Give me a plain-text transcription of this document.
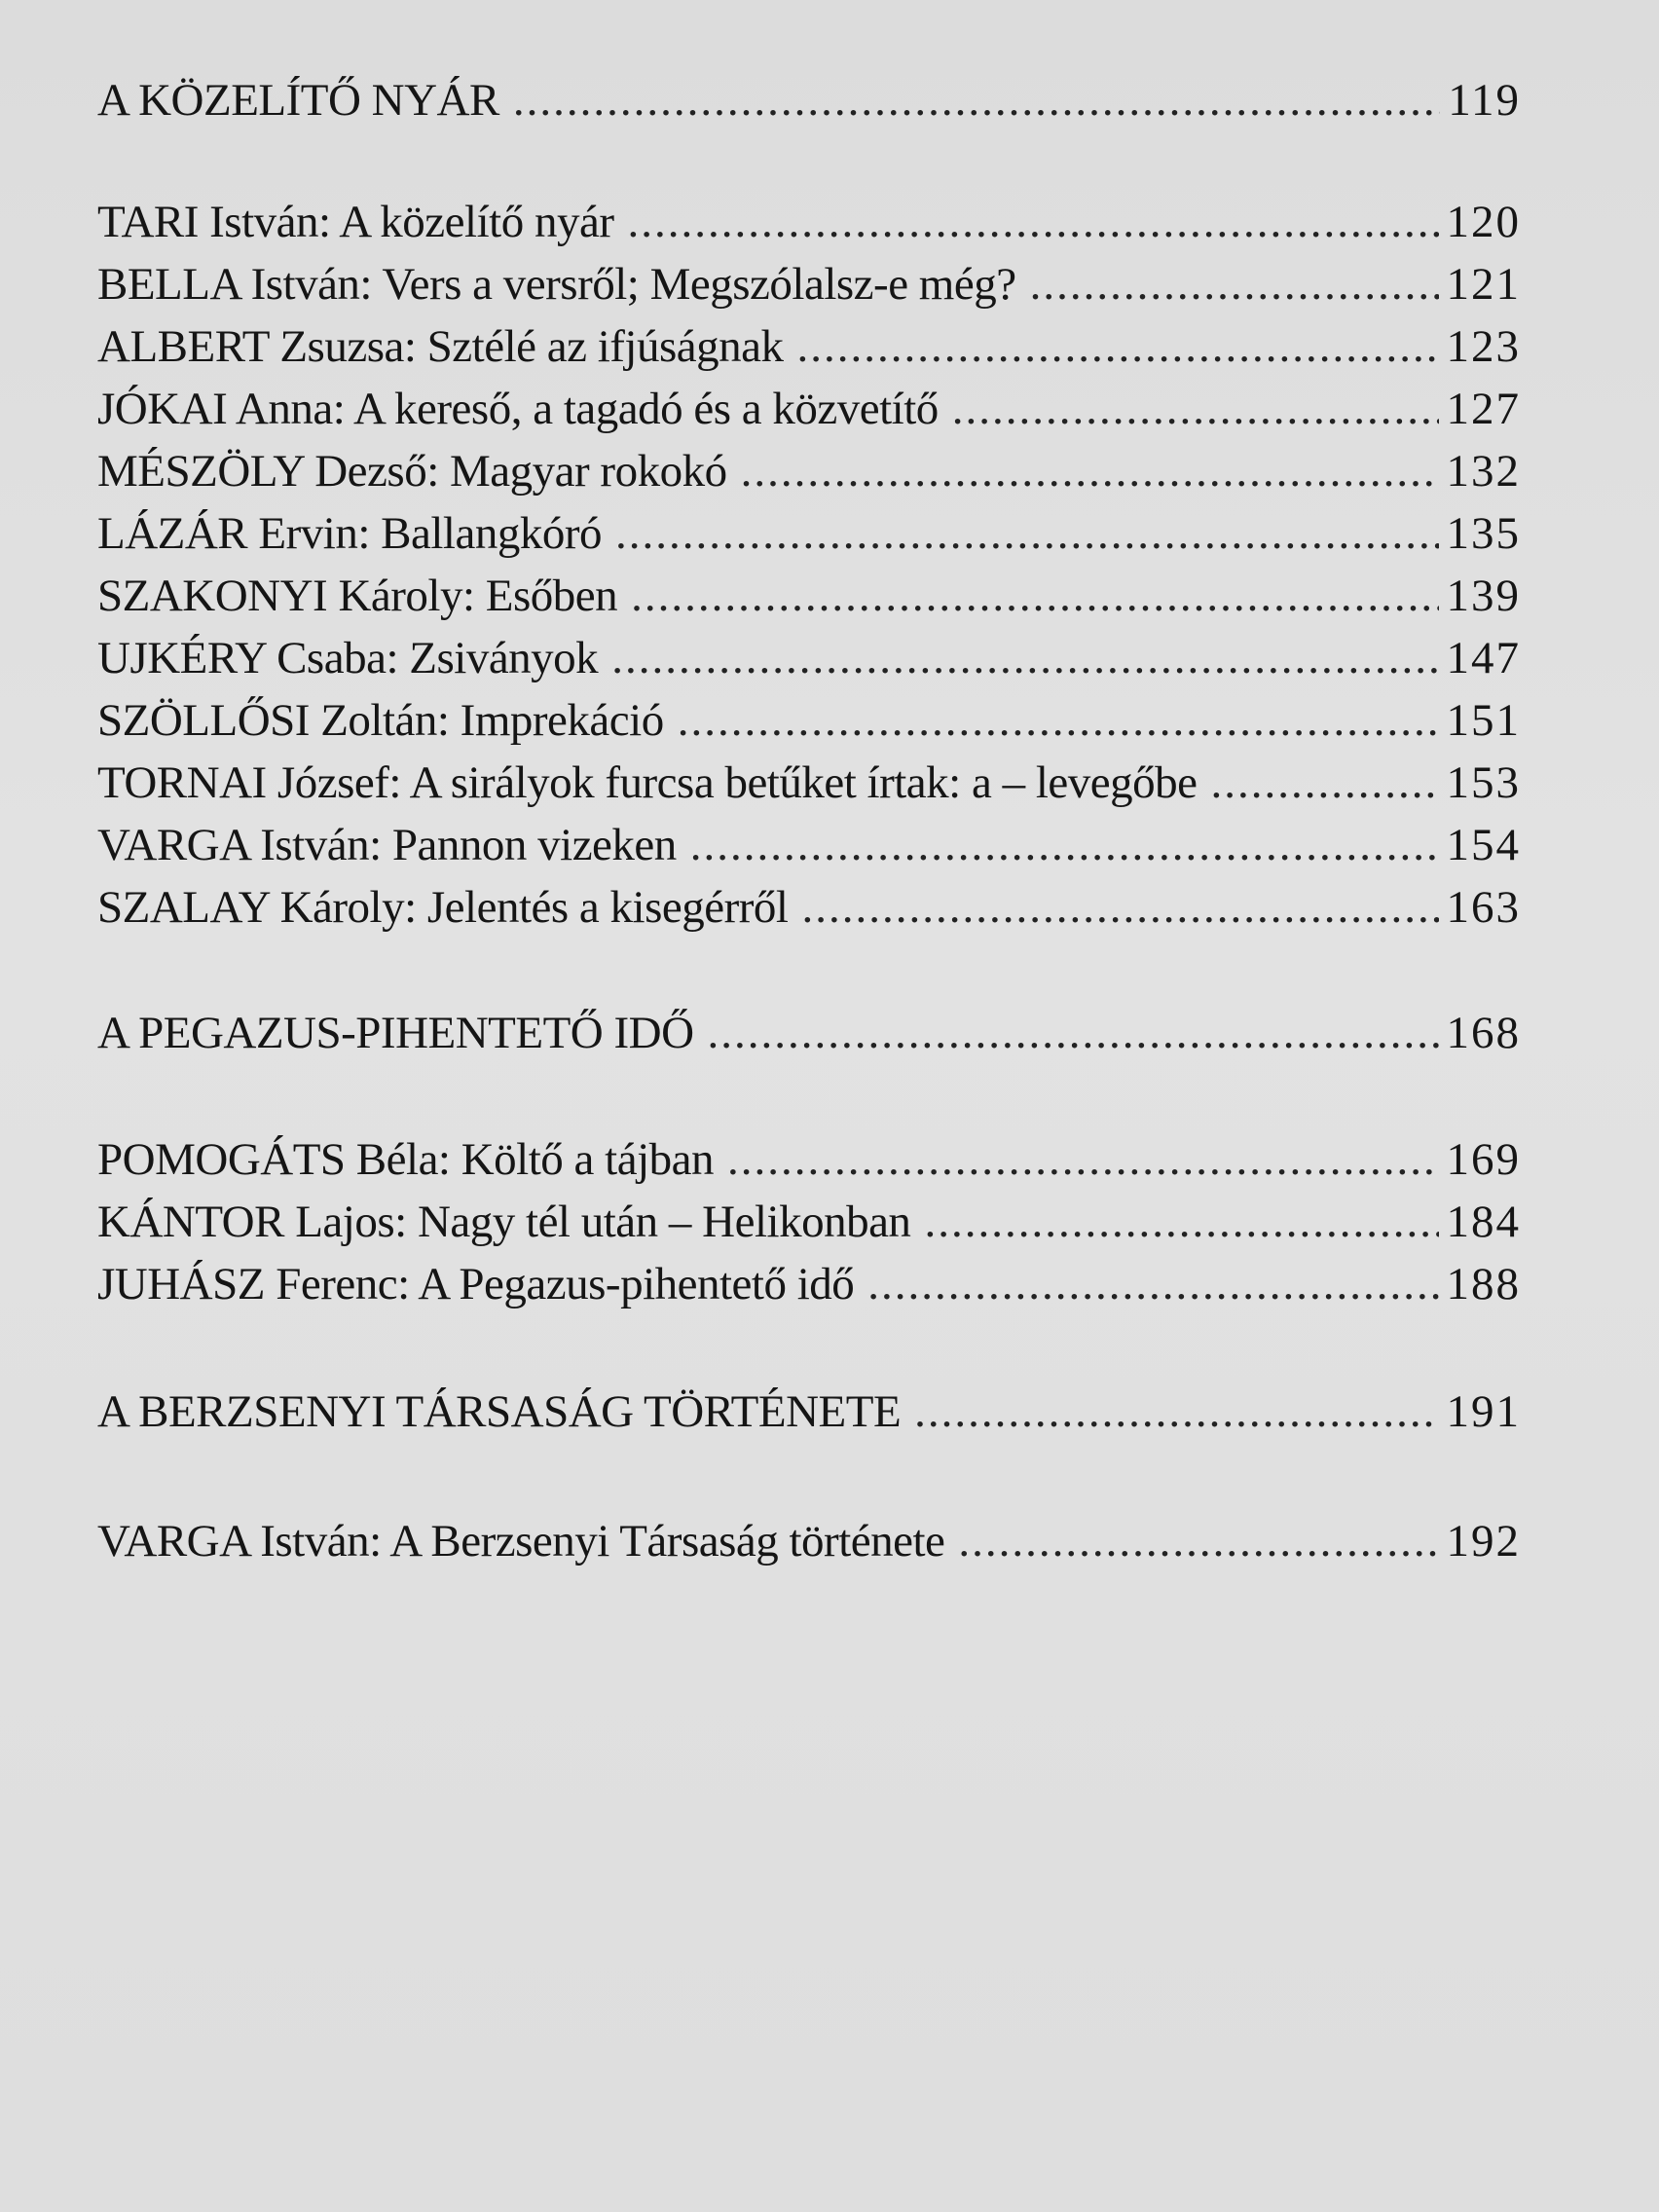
A KÖZELÍTŐ NYÁR .....	119
TARI István: A közelítő nyár .....	120
BELLA István: Vers a versről; Megszólalsz-e még? .....	121
ALBERT Zsuzsa: Sztélé az ifjúságnak .....	123
JÓKAI Anna: A kereső, a tagadó és a közvetítő .....	127
MÉSZÖLY Dezső: Magyar rokokó .....	132
LÁZÁR Ervin: Ballangkóró .....	135
SZAKONYI Károly: Esőben .....	139
UJKÉRY Csaba: Zsiványok .....	147
SZÖLLŐSI Zoltán: Imprekáció .....	151
TORNAI József: A sirályok furcsa betűket írtak: a – levegőbe .....	153
VARGA István: Pannon vizeken .....	154
SZALAY Károly: Jelentés a kisegérről .....	163
A PEGAZUS-PIHENTETŐ IDŐ .....	168
POMOGÁTS Béla: Költő a tájban .....	169
KÁNTOR Lajos: Nagy tél után – Helikonban .....	184
JUHÁSZ Ferenc: A Pegazus-pihentető idő .....	188
A BERZSENYI TÁRSASÁG TÖRTÉNETE .....	191
VARGA István: A Berzsenyi Társaság története .....	192
